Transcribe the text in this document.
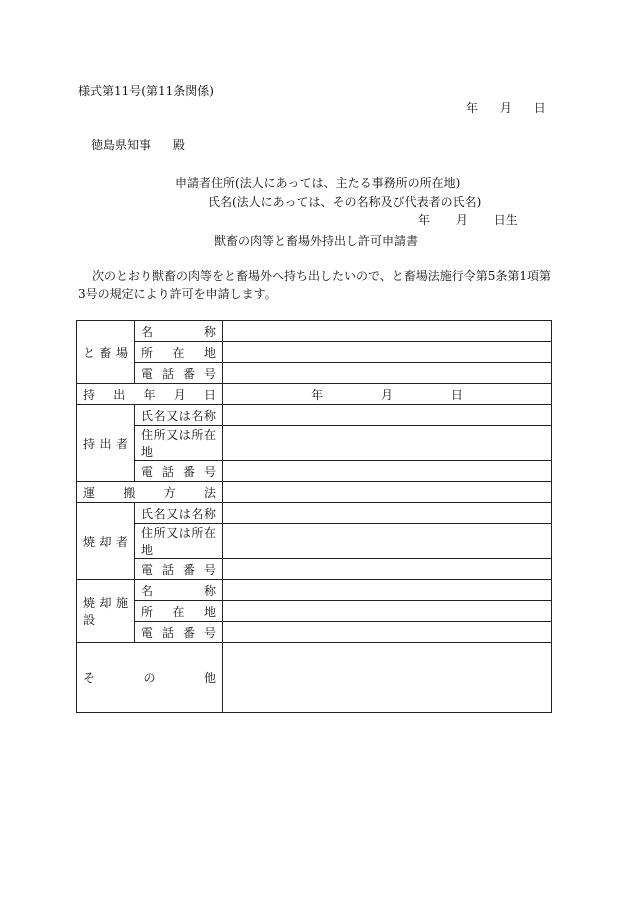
様式第11号(第11条関係)
年 月 日
徳島県知事 殿
申請者住所(法人にあっては、主たる事務所の所在地)
氏名(法人にあっては、その名称及び代表者の氏名)
年 月 日生
獣畜の肉等と畜場外持出し許可申請書
次のとおり獣畜の肉等をと畜場外へ持ち出したいので、と畜場法施行令第5条第1項第3号の規定により許可を申請します。
と 畜 場	名　　称	
	所　在　地	
	電 話 番 号	
持　出　年　月　日		年 月 日
持 出 者	氏名又は名称	
	住所又は所在地	
	電 話 番 号	
運　搬　方　法		
焼 却 者	氏名又は名称	
	住所又は所在地	
	電 話 番 号	
焼却施設	名　　称	
	所　在　地	
	電 話 番 号	
そ　の　他		
